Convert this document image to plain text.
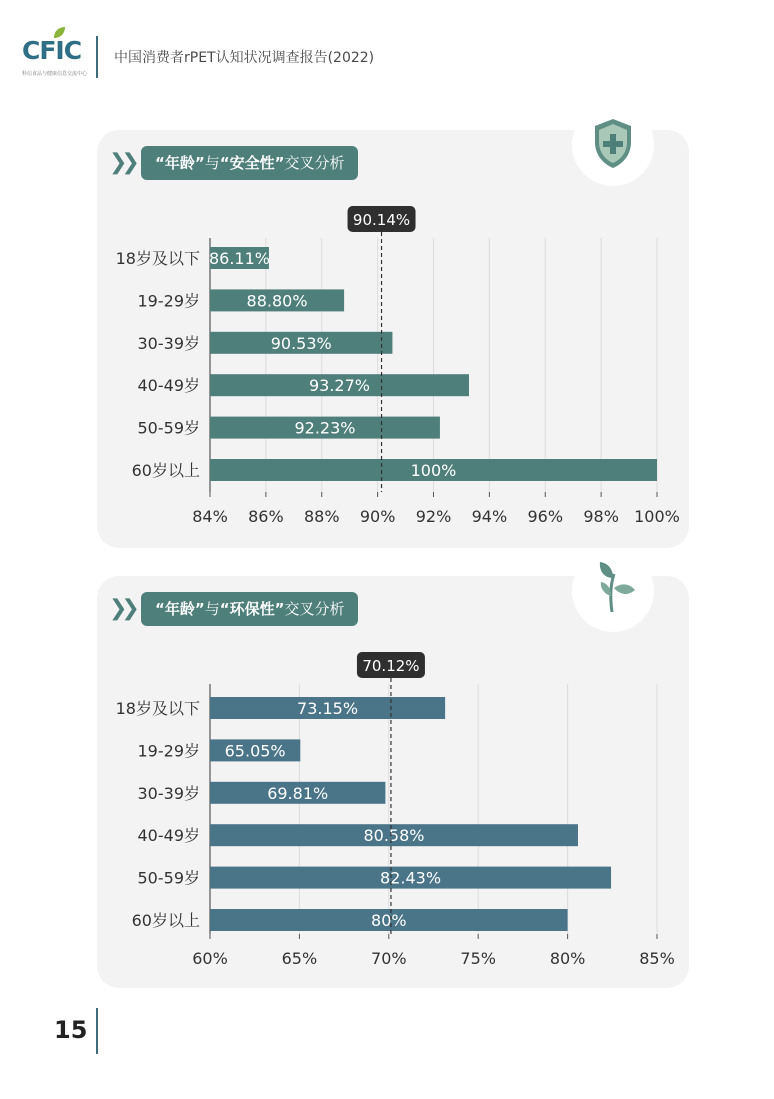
CFIC
科信食品与健康信息交流中心
中国消费者rPET认知状况调查报告(2022)
❯❯	“年龄”与“安全性”交叉分析
18岁及以下 86.11%
19-29岁	88.80%
30-39岁	90.53%
40-49岁	93.27%
50-59岁	92.23%
60岁以上	100%
84% 86% 88% 90% 92% 94% 96% 98% 100%
90.14%
❯❯	“年龄”与“环保性”交叉分析
18岁及以下	73.15%
19-29岁 65.05%
30-39岁	69.81%
40-49岁	80.58%
50-59岁	82.43%
60岁以上	80%
60%	65%	70%	75%	80%	85%
70.12%
15
